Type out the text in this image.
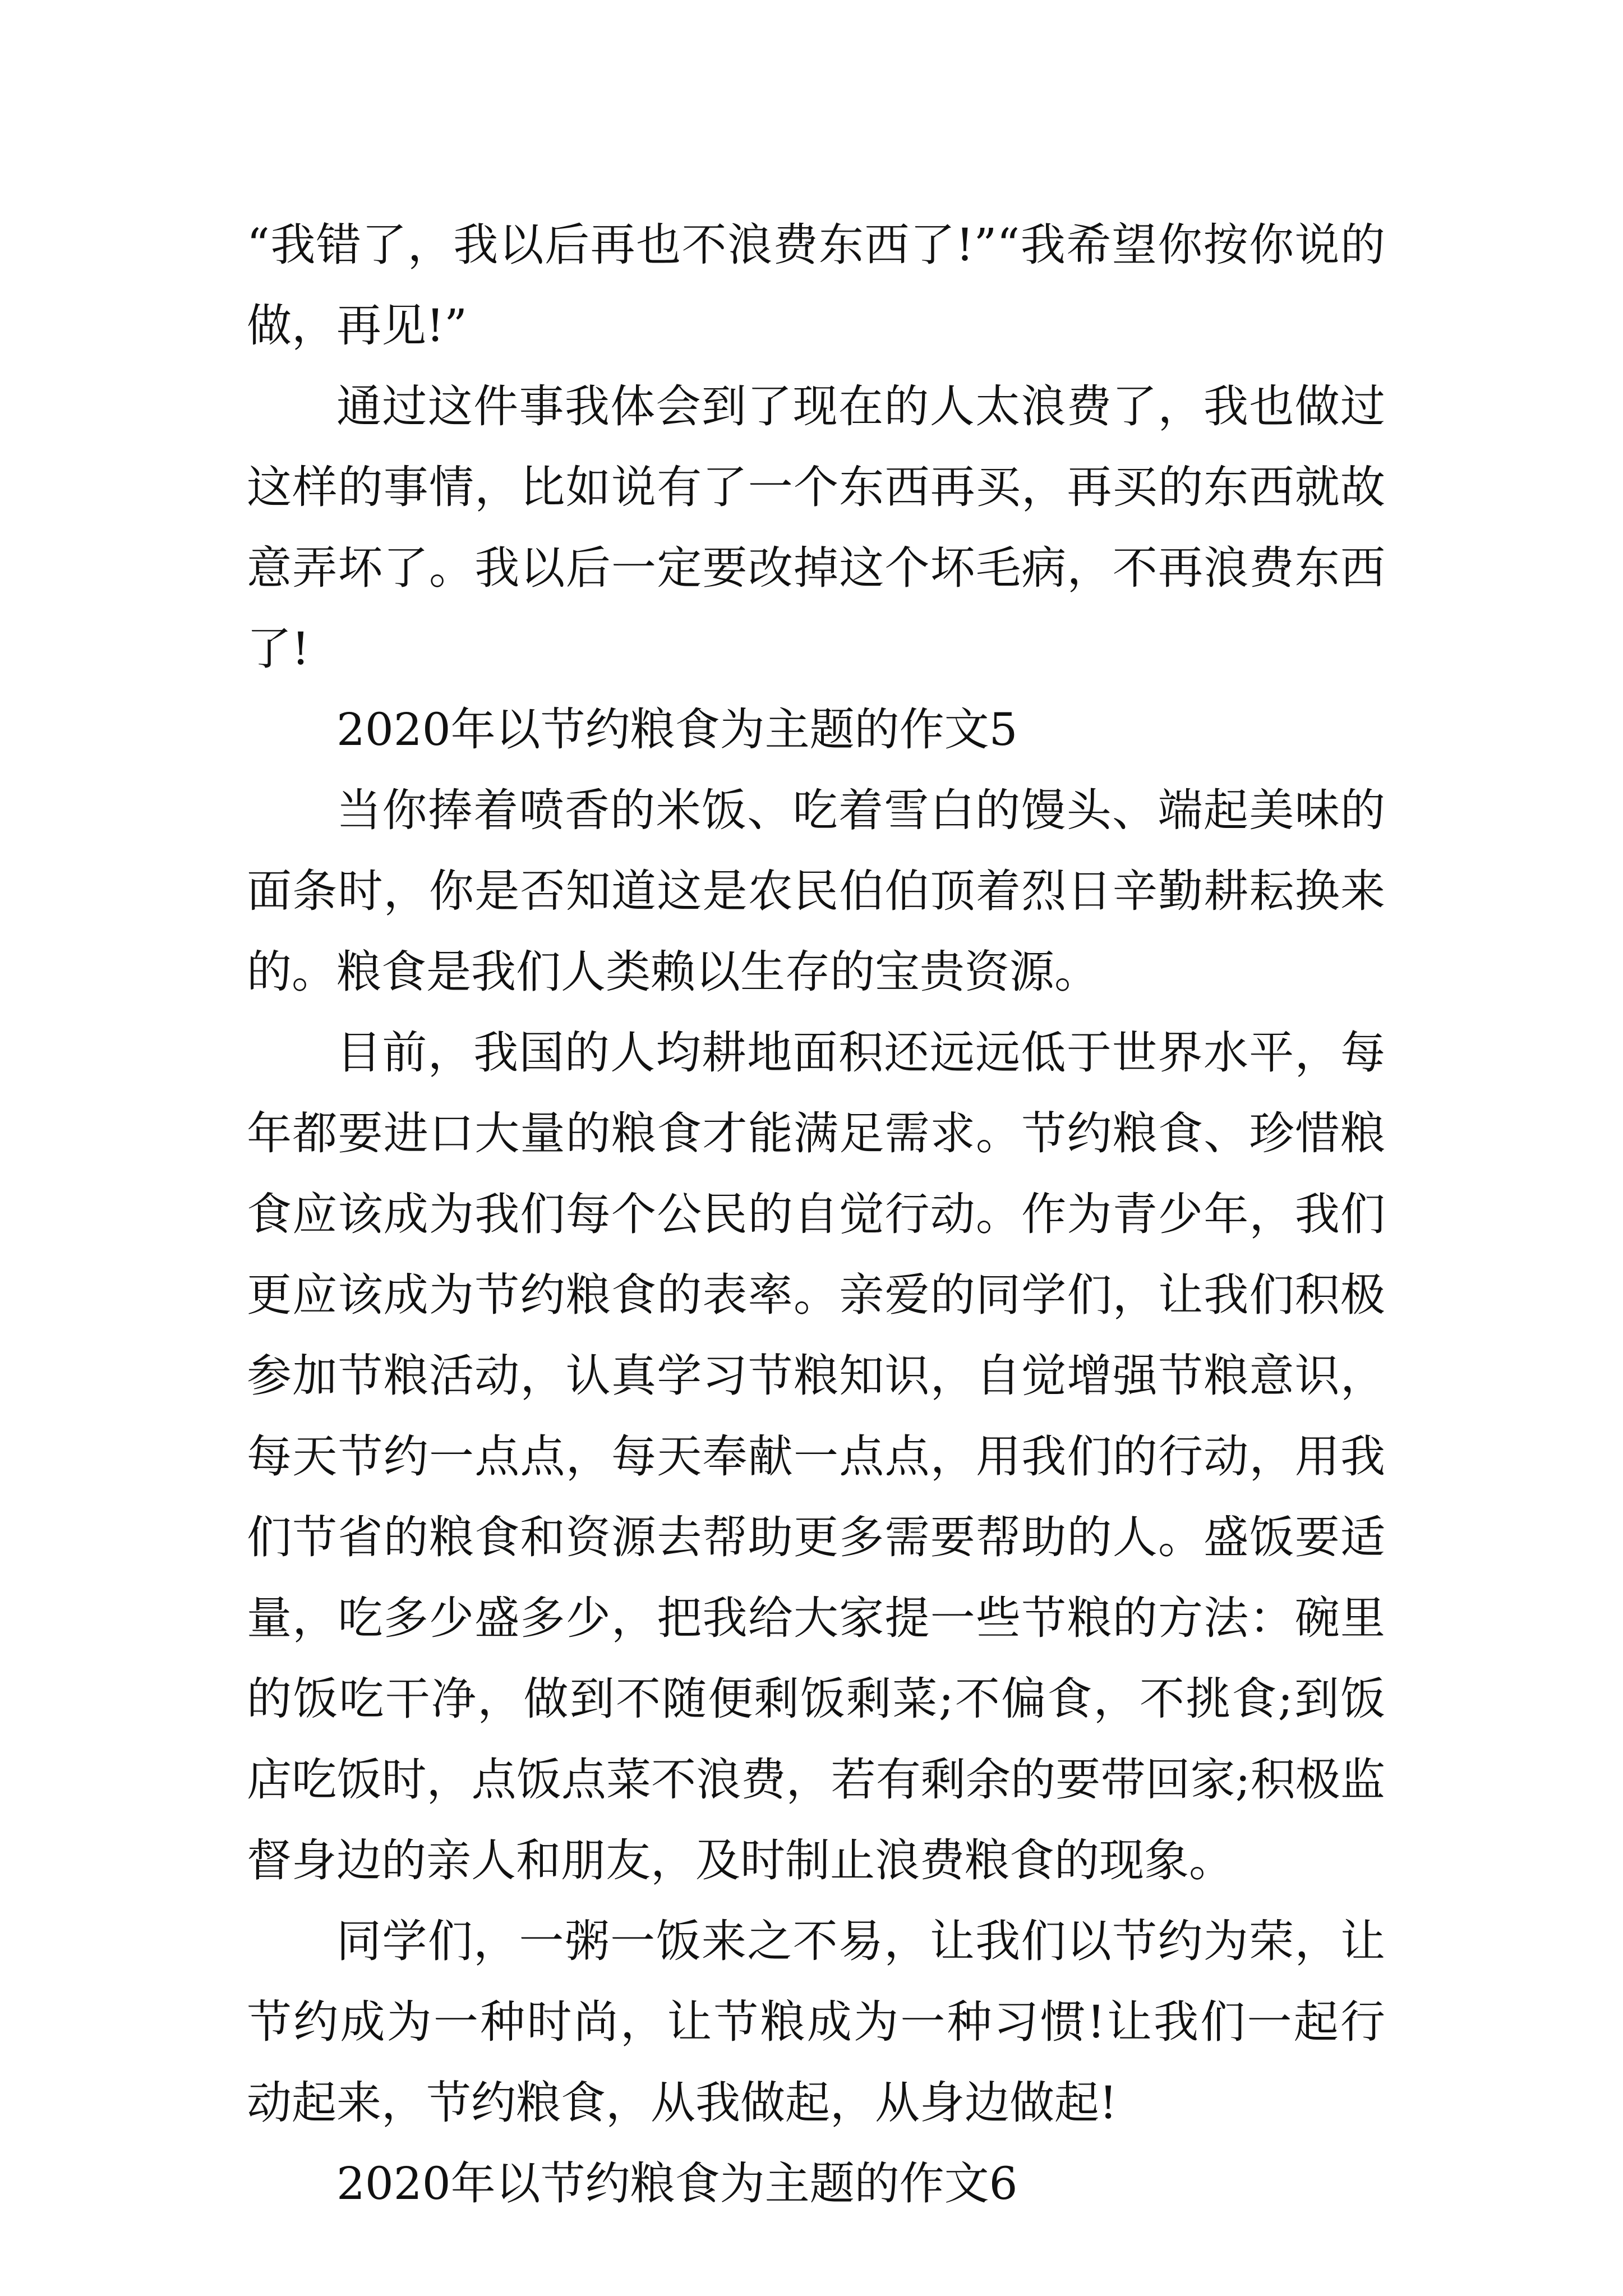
“我错了，我以后再也不浪费东西了!”“我希望你按你说的做，再见!”

通过这件事我体会到了现在的人太浪费了，我也做过这样的事情，比如说有了一个东西再买，再买的东西就故意弄坏了。我以后一定要改掉这个坏毛病，不再浪费东西了!

2020年以节约粮食为主题的作文5

当你捧着喷香的米饭、吃着雪白的馒头、端起美味的面条时，你是否知道这是农民伯伯顶着烈日辛勤耕耘换来的。粮食是我们人类赖以生存的宝贵资源。

目前，我国的人均耕地面积还远远低于世界水平，每年都要进口大量的粮食才能满足需求。节约粮食、珍惜粮食应该成为我们每个公民的自觉行动。作为青少年，我们更应该成为节约粮食的表率。亲爱的同学们，让我们积极参加节粮活动，认真学习节粮知识，自觉增强节粮意识，每天节约一点点，每天奉献一点点，用我们的行动，用我们节省的粮食和资源去帮助更多需要帮助的人。盛饭要适量，吃多少盛多少，把我给大家提一些节粮的方法：碗里的饭吃干净，做到不随便剩饭剩菜;不偏食，不挑食;到饭店吃饭时，点饭点菜不浪费，若有剩余的要带回家;积极监督身边的亲人和朋友，及时制止浪费粮食的现象。

同学们，一粥一饭来之不易，让我们以节约为荣，让节约成为一种时尚，让节粮成为一种习惯!让我们一起行动起来，节约粮食，从我做起，从身边做起!

2020年以节约粮食为主题的作文6
